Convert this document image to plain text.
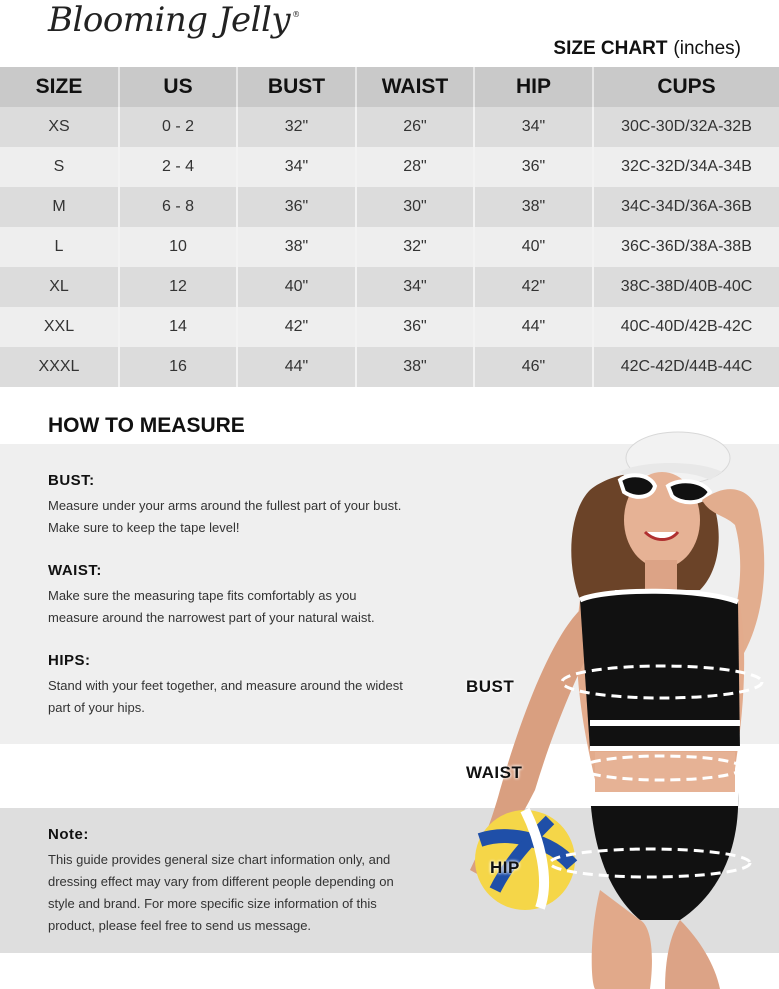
Blooming Jelly ®
SIZE CHART (inches)
SIZE	US	BUST	WAIST	HIP	CUPS
XS	0 - 2	32"	26"	34"	30C-30D/32A-32B
S	2 - 4	34"	28"	36"	32C-32D/34A-34B
M	6 - 8	36"	30"	38"	34C-34D/36A-36B
L	10	38"	32"	40"	36C-36D/38A-38B
XL	12	40"	34"	42"	38C-38D/40B-40C
XXL	14	42"	36"	44"	40C-40D/42B-42C
XXXL	16	44"	38"	46"	42C-42D/44B-44C
HOW TO MEASURE
BUST:
Measure under your arms around the fullest part of your bust.
Make sure to keep the tape level!
WAIST:
Make sure the measuring tape fits comfortably as you
measure around the narrowest part of your natural waist.
HIPS:
Stand with your feet together, and measure around the widest
part of your hips.
Note:
This guide provides general size chart information only, and
dressing effect may vary from different people depending on
style and brand. For more specific size information of this
product, please feel free to send us message.
BUST
WAIST
HIP
